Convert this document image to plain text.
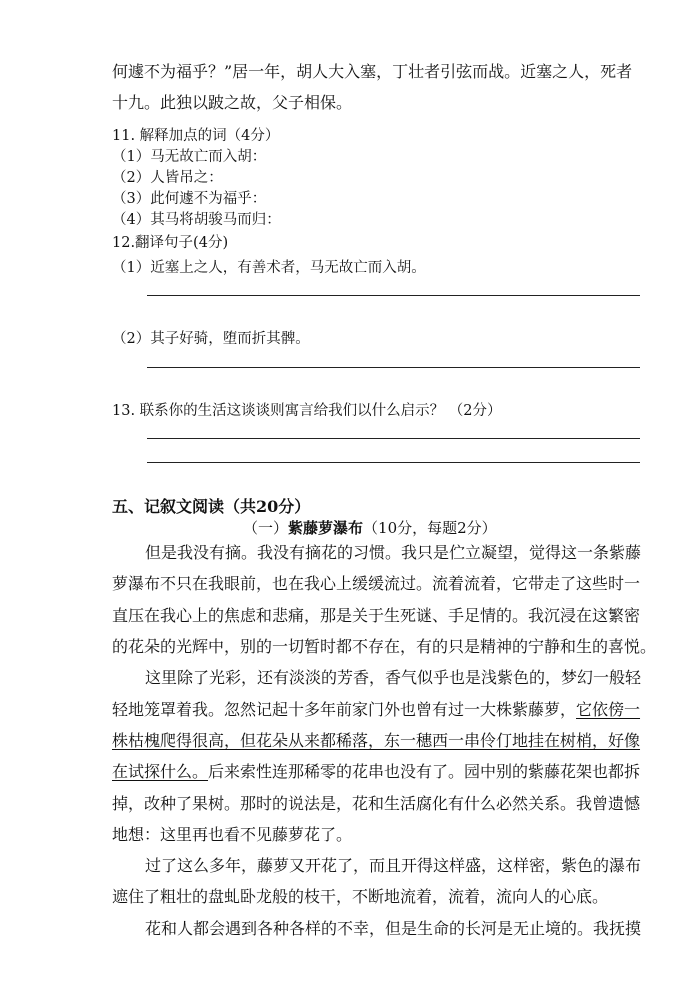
何遽不为福乎？”居一年，胡人大入塞，丁壮者引弦而战。近塞之人，死者
十九。此独以跛之故，父子相保。
11. 解释加点的词（4分）
（1）马无故亡而入胡：
（2）人皆吊之：
（3）此何遽不为福乎：
（4）其马将胡骏马而归：
12.翻译句子(4分)
（1）近塞上之人，有善术者，马无故亡而入胡。
（2）其子好骑，堕而折其髀。
13. 联系你的生活这谈谈则寓言给我们以什么启示？ （2分）
五、记叙文阅读（共20分）
（一）紫藤萝瀑布（10分，每题2分）
但是我没有摘。我没有摘花的习惯。我只是伫立凝望，觉得这一条紫藤
萝瀑布不只在我眼前，也在我心上缓缓流过。流着流着，它带走了这些时一
直压在我心上的焦虑和悲痛，那是关于生死谜、手足情的。我沉浸在这繁密
的花朵的光辉中，别的一切暂时都不存在，有的只是精神的宁静和生的喜悦。
这里除了光彩，还有淡淡的芳香，香气似乎也是浅紫色的，梦幻一般轻
轻地笼罩着我。忽然记起十多年前家门外也曾有过一大株紫藤萝，它依傍一
株枯槐爬得很高，但花朵从来都稀落，东一穗西一串伶仃地挂在树梢，好像
在试探什么。后来索性连那稀零的花串也没有了。园中别的紫藤花架也都拆
掉，改种了果树。那时的说法是，花和生活腐化有什么必然关系。我曾遗憾
地想：这里再也看不见藤萝花了。
过了这么多年，藤萝又开花了，而且开得这样盛，这样密，紫色的瀑布
遮住了粗壮的盘虬卧龙般的枝干，不断地流着，流着，流向人的心底。
花和人都会遇到各种各样的不幸，但是生命的长河是无止境的。我抚摸
